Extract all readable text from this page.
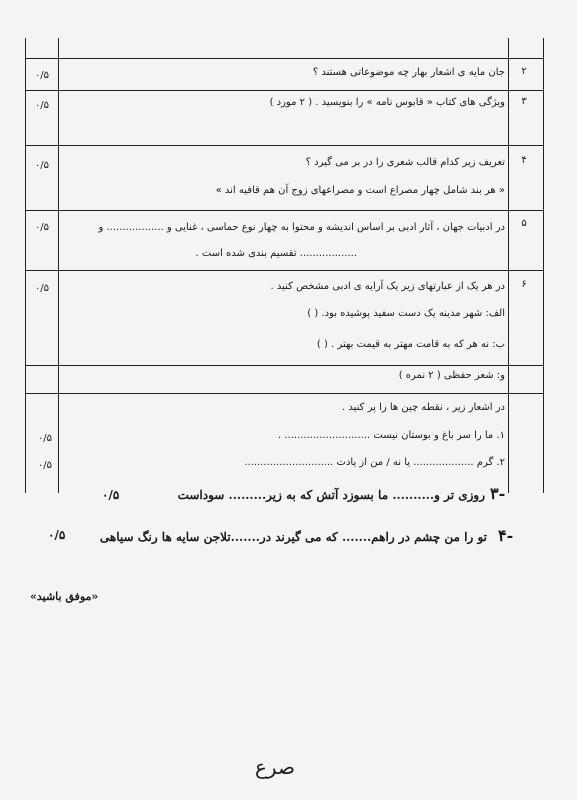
۲
جان مایه ی اشعار بهار چه موضوعاتی هستند ؟
۰/۵
۳
ویژگی های کتاب « قابوس نامه » را بنویسید . ( ۲ مورد )
۰/۵
۴
تعریف زیر کدام قالب شعری را در بر می گیرد ؟
« هر بند شامل چهار مصراع است و مصراعهای زوج آن هم قافیه اند »
۰/۵
۵
در ادبیات جهان ، آثار ادبی بر اساس اندیشه و محتوا به چهار نوع حماسی ، غنایی و .................. و
.................. تقسیم بندی شده است .
۰/۵
۶
در هر یک از عبارتهای زیر یک آرایه ی ادبی مشخص کنید .
الف: شهر مدینه یک دست سفید پوشیده بود. ( )
ب: نه هر که به قامت مهتر به قیمت بهتر . ( )
۰/۵
و: شعر حفظی ( ۲ نمره )
در اشعار زیر ، نقطه چین ها را پر کنید .
۱. ما را سر باغ و بوستان نیست ........................... .
۰/۵
۲. گرم ................... یا نه / من از یادت ............................
۰/۵
۳-
روزی تر و.......... ما بسوزد آتش که به زیر......... سوداست
۰/۵
۴-
تو را من چشم در راهم....... که می گیرند در.......تلاجن سایه ها رنگ سیاهی
۰/۵
«موفق باشید»
صرع
